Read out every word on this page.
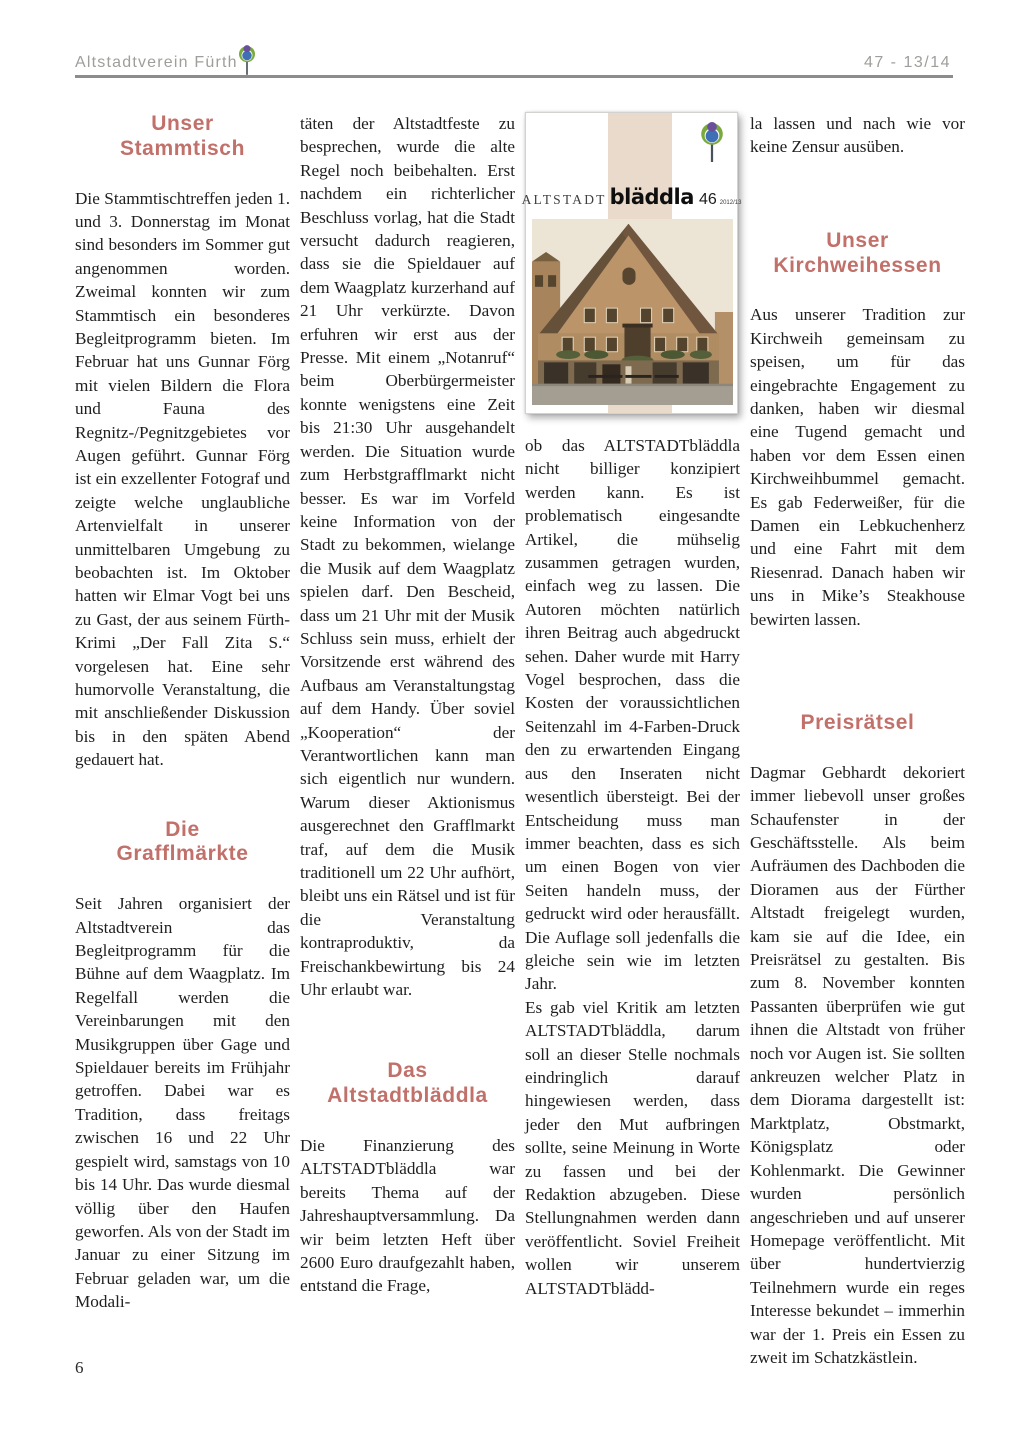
Altstadtverein Fürth	47 - 13/14
Unser
Stammtisch

Die Stammtischtreffen jeden 1. und 3. Donnerstag im Monat sind besonders im Sommer gut angenommen worden. Zweimal konnten wir zum Stammtisch ein besonderes Begleitprogramm bieten. Im Februar hat uns Gunnar Förg mit vielen Bildern die Flora und Fauna des Regnitz-/Pegnitzgebietes vor Augen geführt. Gunnar Förg ist ein exzellenter Fotograf und zeigte welche unglaubliche Artenvielfalt in unserer unmittelbaren Umgebung zu beobachten ist. Im Oktober hatten wir Elmar Vogt bei uns zu Gast, der aus seinem Fürth-Krimi „Der Fall Zita S.“ vorgelesen hat. Eine sehr humorvolle Veranstaltung, die mit anschließender Diskussion bis in den späten Abend gedauert hat.

Die
Grafflmärkte

Seit Jahren organisiert der Altstadtverein das Begleitprogramm für die Bühne auf dem Waagplatz. Im Regelfall werden die Vereinbarungen mit den Musikgruppen über Gage und Spieldauer bereits im Frühjahr getroffen. Dabei war es Tradition, dass freitags zwischen 16 und 22 Uhr gespielt wird, samstags von 10 bis 14 Uhr. Das wurde diesmal völlig über den Haufen geworfen. Als von der Stadt im Januar zu einer Sitzung im Februar geladen war, um die Modali-

täten der Altstadtfeste zu besprechen, wurde die alte Regel noch beibehalten. Erst nachdem ein richterlicher Beschluss vorlag, hat die Stadt versucht dadurch reagieren, dass sie die Spieldauer auf dem Waagplatz kurzerhand auf 21 Uhr verkürzte. Davon erfuhren wir erst aus der Presse. Mit einem „Notanruf“ beim Oberbürgermeister konnte wenigstens eine Zeit bis 21:30 Uhr ausgehandelt werden. Die Situation wurde zum Herbstgrafflmarkt nicht besser. Es war im Vorfeld keine Information von der Stadt zu bekommen, wielange die Musik auf dem Waagplatz spielen darf. Den Bescheid, dass um 21 Uhr mit der Musik Schluss sein muss, erhielt der Vorsitzende erst während des Aufbaus am Veranstaltungstag auf dem Handy. Über soviel „Kooperation“ der Verantwortlichen kann man sich eigentlich nur wundern. Warum dieser Aktionismus ausgerechnet den Grafflmarkt traf, auf dem die Musik traditionell um 22 Uhr aufhört, bleibt uns ein Rätsel und ist für die Veranstaltung kontraproduktiv, da Freischankbewirtung bis 24 Uhr erlaubt war.

Das
Altstadtbläddla

Die Finanzierung des ALTSTADTbläddla war bereits Thema auf der Jahreshauptversammlung. Da wir beim letzten Heft über 2600 Euro draufgezahlt haben, entstand die Frage,

ALTSTADT bläddla 46 2012/13

ob das ALTSTADTbläddla nicht billiger konzipiert werden kann. Es ist problematisch eingesandte Artikel, die mühselig zusammen getragen wurden, einfach weg zu lassen. Die Autoren möchten natürlich ihren Beitrag auch abgedruckt sehen. Daher wurde mit Harry Vogel besprochen, dass die Kosten der voraussichtlichen Seitenzahl im 4-Farben-Druck den zu erwartenden Eingang aus den Inseraten nicht wesentlich übersteigt. Bei der Entscheidung muss man immer beachten, dass es sich um einen Bogen von vier Seiten handeln muss, der gedruckt wird oder herausfällt. Die Auflage soll jedenfalls die gleiche sein wie im letzten Jahr.

Es gab viel Kritik am letzten ALTSTADTbläddla, darum soll an dieser Stelle nochmals eindringlich darauf hingewiesen werden, dass jeder den Mut aufbringen sollte, seine Meinung in Worte zu fassen und bei der Redaktion abzugeben. Diese Stellungnahmen werden dann veröffentlicht. Soviel Freiheit wollen wir unserem ALTSTADTblädd-

la lassen und nach wie vor keine Zensur ausüben.

Unser
Kirchweihessen

Aus unserer Tradition zur Kirchweih gemeinsam zu speisen, um für das eingebrachte Engagement zu danken, haben wir diesmal eine Tugend gemacht und haben vor dem Essen einen Kirchweihbummel gemacht. Es gab Federweißer, für die Damen ein Lebkuchenherz und eine Fahrt mit dem Riesenrad. Danach haben wir uns in Mike’s Steakhouse bewirten lassen.

Preisrätsel

Dagmar Gebhardt dekoriert immer liebevoll unser großes Schaufenster in der Geschäftsstelle. Als beim Aufräumen des Dachboden die Dioramen aus der Fürther Altstadt freigelegt wurden, kam sie auf die Idee, ein Preisrätsel zu gestalten. Bis zum 8. November konnten Passanten überprüfen wie gut ihnen die Altstadt von früher noch vor Augen ist. Sie sollten ankreuzen welcher Platz in dem Diorama dargestellt ist: Marktplatz, Obstmarkt, Königsplatz oder Kohlenmarkt. Die Gewinner wurden persönlich angeschrieben und auf unserer Homepage veröffentlicht. Mit über hundertvierzig Teilnehmern wurde ein reges Interesse bekundet – immerhin war der 1. Preis ein Essen zu zweit im Schatzkästlein.

6
